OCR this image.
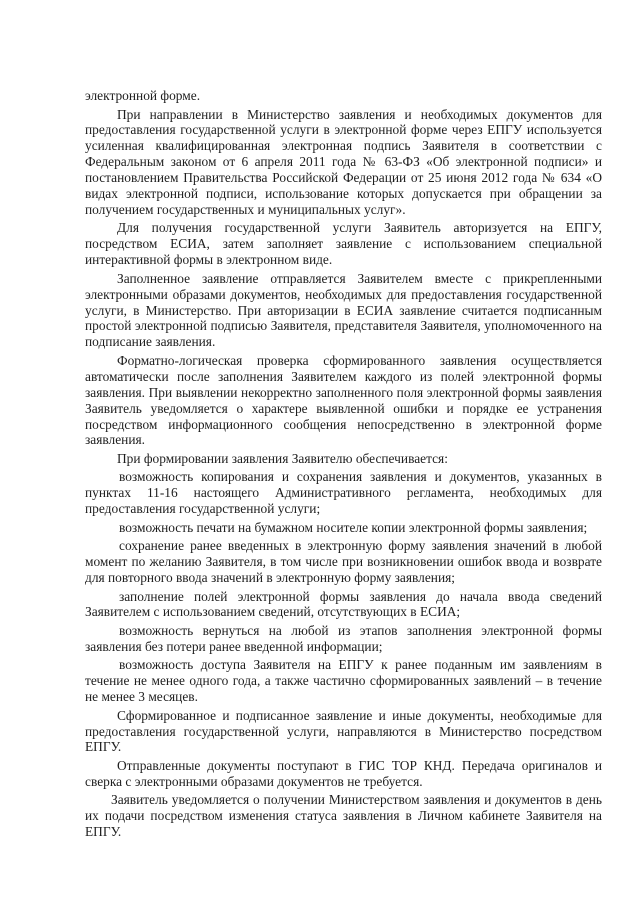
электронной форме.

При направлении в Министерство заявления и необходимых документов для предоставления государственной услуги в электронной форме через ЕПГУ используется усиленная квалифицированная электронная подпись Заявителя в соответствии с Федеральным законом от 6 апреля 2011 года № 63-ФЗ «Об электронной подписи» и постановлением Правительства Российской Федерации от 25 июня 2012 года № 634 «О видах электронной подписи, использование которых допускается при обращении за получением государственных и муниципальных услуг».

Для получения государственной услуги Заявитель авторизуется на ЕПГУ, посредством ЕСИА, затем заполняет заявление с использованием специальной интерактивной формы в электронном виде.

Заполненное заявление отправляется Заявителем вместе с прикрепленными электронными образами документов, необходимых для предоставления государственной услуги, в Министерство. При авторизации в ЕСИА заявление считается подписанным простой электронной подписью Заявителя, представителя Заявителя, уполномоченного на подписание заявления.

Форматно-логическая проверка сформированного заявления осуществляется автоматически после заполнения Заявителем каждого из полей электронной формы заявления. При выявлении некорректно заполненного поля электронной формы заявления Заявитель уведомляется о характере выявленной ошибки и порядке ее устранения посредством информационного сообщения непосредственно в электронной форме заявления.

При формировании заявления Заявителю обеспечивается:

возможность копирования и сохранения заявления и документов, указанных в пунктах 11-16 настоящего Административного регламента, необходимых для предоставления государственной услуги;

возможность печати на бумажном носителе копии электронной формы заявления;

сохранение ранее введенных в электронную форму заявления значений в любой момент по желанию Заявителя, в том числе при возникновении ошибок ввода и возврате для повторного ввода значений в электронную форму заявления;

заполнение полей электронной формы заявления до начала ввода сведений Заявителем с использованием сведений, отсутствующих в ЕСИА;

возможность вернуться на любой из этапов заполнения электронной формы заявления без потери ранее введенной информации;

возможность доступа Заявителя на ЕПГУ к ранее поданным им заявлениям в течение не менее одного года, а также частично сформированных заявлений – в течение не менее 3 месяцев.

Сформированное и подписанное заявление и иные документы, необходимые для предоставления государственной услуги, направляются в Министерство посредством ЕПГУ.

Отправленные документы поступают в ГИС ТОР КНД. Передача оригиналов и сверка с электронными образами документов не требуется.

Заявитель уведомляется о получении Министерством заявления и документов в день их подачи посредством изменения статуса заявления в Личном кабинете Заявителя на ЕПГУ.
